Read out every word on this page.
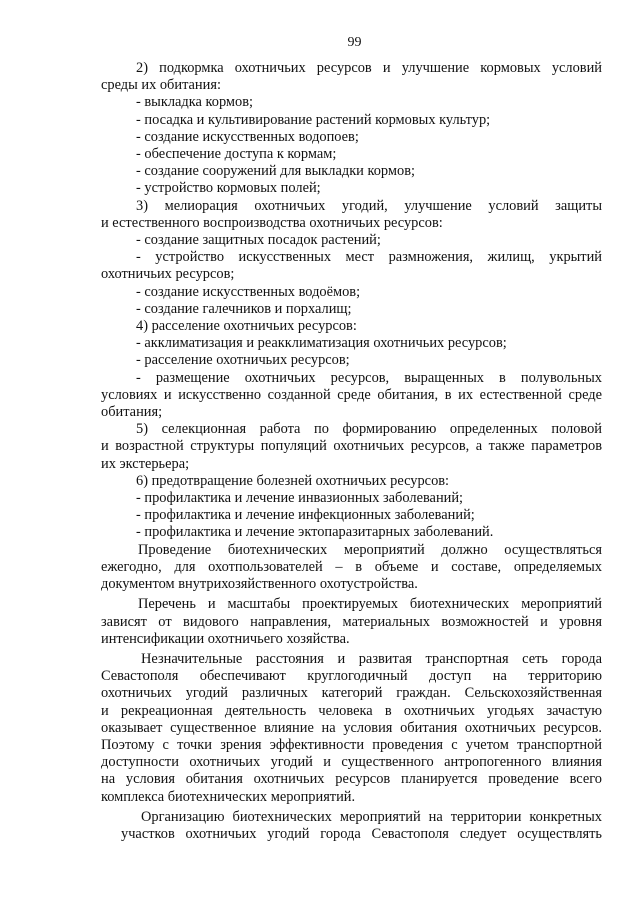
99
2) подкормка охотничьих ресурсов и улучшение кормовых условий
среды их обитания:
- выкладка кормов;
- посадка и культивирование растений кормовых культур;
- создание искусственных водопоев;
- обеспечение доступа к кормам;
- создание сооружений для выкладки кормов;
- устройство кормовых полей;
3) мелиорация охотничьих угодий, улучшение условий защиты
и естественного воспроизводства охотничьих ресурсов:
- создание защитных посадок растений;
- устройство искусственных мест размножения, жилищ, укрытий
охотничьих ресурсов;
- создание искусственных водоёмов;
- создание галечников и порхалищ;
4) расселение охотничьих ресурсов:
- акклиматизация и реакклиматизация охотничьих ресурсов;
- расселение охотничьих ресурсов;
- размещение охотничьих ресурсов, выращенных в полувольных
условиях и искусственно созданной среде обитания, в их естественной среде
обитания;
5) селекционная работа по формированию определенных половой
и возрастной структуры популяций охотничьих ресурсов, а также параметров
их экстерьера;
6) предотвращение болезней охотничьих ресурсов:
- профилактика и лечение инвазионных заболеваний;
- профилактика и лечение инфекционных заболеваний;
- профилактика и лечение эктопаразитарных заболеваний.
Проведение биотехнических мероприятий должно осуществляться
ежегодно, для охотпользователей – в объеме и составе, определяемых
документом внутрихозяйственного охотустройства.
Перечень и масштабы проектируемых биотехнических мероприятий
зависят от видового направления, материальных возможностей и уровня
интенсификации охотничьего хозяйства.
Незначительные расстояния и развитая транспортная сеть города
Севастополя обеспечивают круглогодичный доступ на территорию
охотничьих угодий различных категорий граждан. Сельскохозяйственная
и рекреационная деятельность человека в охотничьих угодьях зачастую
оказывает существенное влияние на условия обитания охотничьих ресурсов.
Поэтому с точки зрения эффективности проведения с учетом транспортной
доступности охотничьих угодий и существенного антропогенного влияния
на условия обитания охотничьих ресурсов планируется проведение всего
комплекса биотехнических мероприятий.
Организацию биотехнических мероприятий на территории конкретных
участков охотничьих угодий города Севастополя следует осуществлять
